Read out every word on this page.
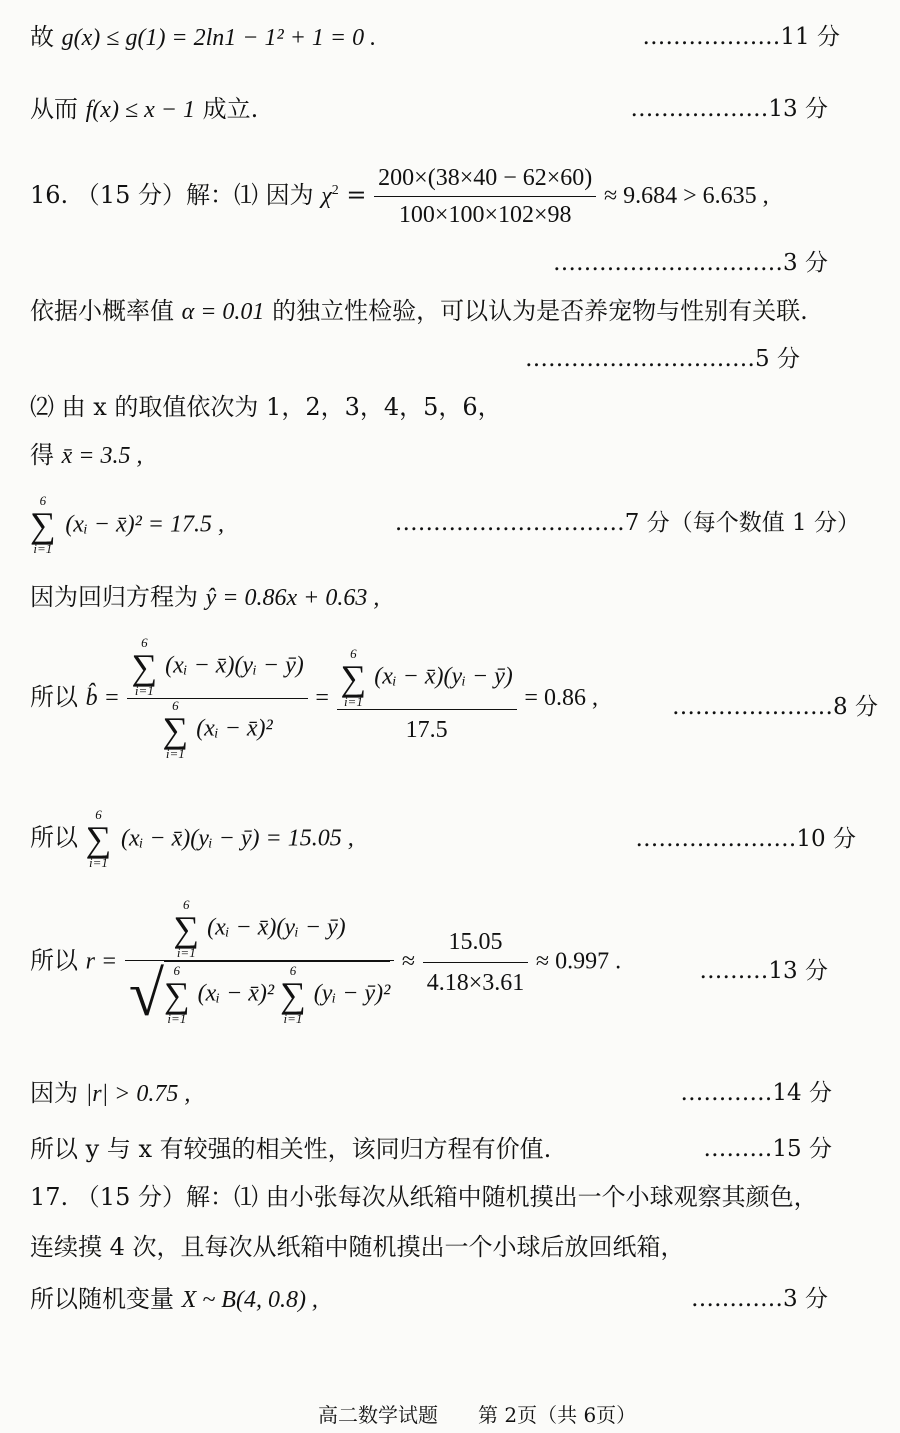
故 g(x) ≤ g(1) = 2ln1 − 1² + 1 = 0 .	………………11 分
从而 f(x) ≤ x − 1 成立.	………………13 分
16. （15 分）解：⑴ 因为 $\chi^2 = \frac{200\times(38\times 40 - 62\times 60)}{100\times 100\times 102\times 98} \approx 9.684 > 6.635$ ,
…………………………3 分
依据小概率值 α = 0.01 的独立性检验，可以认为是否养宠物与性别有关联.
…………………………5 分
⑵ 由 x 的取值依次为 1，2，3，4，5，6，
得 x̄ = 3.5 ,
6
∑
i=1
(xᵢ − x̄)² = 17.5 ,	…………………………7 分（每个数值 1 分）
因为回归方程为 ŷ = 0.86x + 0.63 ,
所以 b̂ = 6
∑
i=1
(xᵢ − x̄)(yᵢ − ȳ)
6
∑
i=1
(xᵢ − x̄)² = 6
∑
i=1
(xᵢ − x̄)(yᵢ − ȳ)
17.5 = 0.86 ,	…………………8 分
所以
6
∑
i=1
(xᵢ − x̄)(yᵢ − ȳ) = 15.05 ,	…………………10 分
所以 r =
6
∑
i=1
(xᵢ − x̄)(yᵢ − ȳ)
√ 6
∑
i=1
(xᵢ − x̄)²
6
∑
i=1
(yᵢ − ȳ)²
≈ $\frac{15.05}{4.18\times 3.61} \approx 0.997$ .	………13 分
因为 |r| > 0.75 ,	…………14 分
所以 y 与 x 有较强的相关性，该同归方程有价值.	………15 分
17. （15 分）解：⑴ 由小张每次从纸箱中随机摸出一个小球观察其颜色，
连续摸 4 次，且每次从纸箱中随机摸出一个小球后放回纸箱，
所以随机变量 X ~ B(4, 0.8) ,	…………3 分
高二数学试题　　第 2页（共 6页）
